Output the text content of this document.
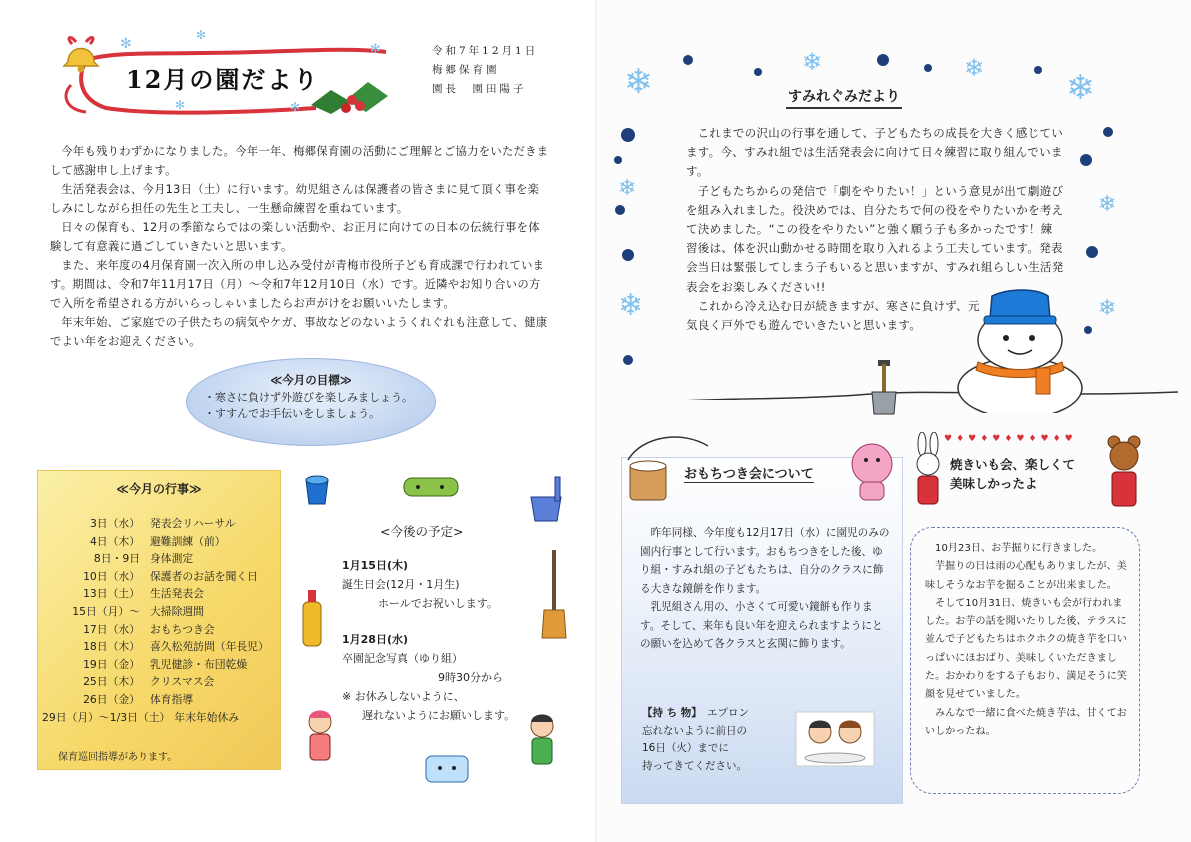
12月の園だより
✻
✻
✻
✻	✻
令和7年12月1日
梅郷保育園
園長　園田陽子

今年も残りわずかになりました。今年一年、梅郷保育園の活動にご理解とご協力をいただきまして感謝申し上げます。

生活発表会は、今月13日（土）に行います。幼児組さんは保護者の皆さまに見て頂く事を楽しみにしながら担任の先生と工夫し、一生懸命練習を重ねています。

日々の保育も、12月の季節ならではの楽しい活動や、お正月に向けての日本の伝統行事を体験して有意義に過ごしていきたいと思います。

また、来年度の4月保育園一次入所の申し込み受付が青梅市役所子ども育成課で行われています。期間は、令和7年11月17日（月）～令和7年12月10日（水）です。近隣やお知り合いの方で入所を希望される方がいらっしゃいましたらお声がけをお願いいたします。

年末年始、ご家庭での子供たちの病気やケガ、事故などのないようくれぐれも注意して、健康でよい年をお迎えください。

≪今月の目標≫
・寒さに負けず外遊びを楽しみましょう。
・すすんでお手伝いをしましょう。
≪今月の行事≫
3日（水） 発表会リハーサル
4日（木） 避難訓練（前）
8日・9日 身体測定
10日（水） 保護者のお話を聞く日
13日（土） 生活発表会
15日（月）～ 大掃除週間
17日（水） おもちつき会
18日（木） 喜久松苑訪問（年長児）
19日（金） 乳児健診・布団乾燥
25日（木） クリスマス会
26日（金） 体育指導
29日（月）～1/3日（土） 年末年始休み
保育巡回指導があります。
<今後の予定>
1月15日(木)
誕生日会(12月・1月生)
ホールでお祝いします。
1月28日(水)
卒園記念写真（ゆり組）
9時30分から
※ お休みしないように、
遅れないようにお願いします。
❄	❄	❄ ❄
❄
❄
❄
❄
すみれぐみだより

これまでの沢山の行事を通して、子どもたちの成長を大きく感じています。今、すみれ組では生活発表会に向けて日々練習に取り組んでいます。

子どもたちからの発信で「劇をやりたい！」という意見が出て劇遊びを組み入れました。役決めでは、自分たちで何の役をやりたいかを考えて決めました。“この役をやりたい”と強く願う子も多かったです！練習後は、体を沢山動かせる時間を取り入れるよう工夫しています。発表会当日は緊張してしまう子もいると思いますが、すみれ組らしい生活発表会をお楽しみください!!

これから冷え込む日が続きますが、寒さに負けず、元気良く戸外でも遊んでいきたいと思います。

おもちつき会について

昨年同様、今年度も12月17日（水）に園児のみの園内行事として行います。おもちつきをした後、ゆり組・すみれ組の子どもたちは、自分のクラスに飾る大きな鏡餅を作ります。

乳児組さん用の、小さくて可愛い鏡餅も作ります。そして、来年も良い年を迎えられますようにとの願いを込めて各クラスと玄関に飾ります。

【持 ち 物】　 エプロン
忘れないように前日の
16日（火）までに
持ってきてください。
♥♦♥♦♥♦♥♦♥♦♥
焼きいも会、楽しくて
美味しかったよ

10月23日、お芋掘りに行きました。

芋掘りの日は雨の心配もありましたが、美味しそうなお芋を掘ることが出来ました。

そして10月31日、焼きいも会が行われました。お芋の話を聞いたりした後、テラスに並んで子どもたちはホクホクの焼き芋を口いっぱいにほおばり、美味しくいただきました。おかわりをする子もおり、満足そうに笑顔を見せていました。

みんなで一緒に食べた焼き芋は、甘くておいしかったね。
